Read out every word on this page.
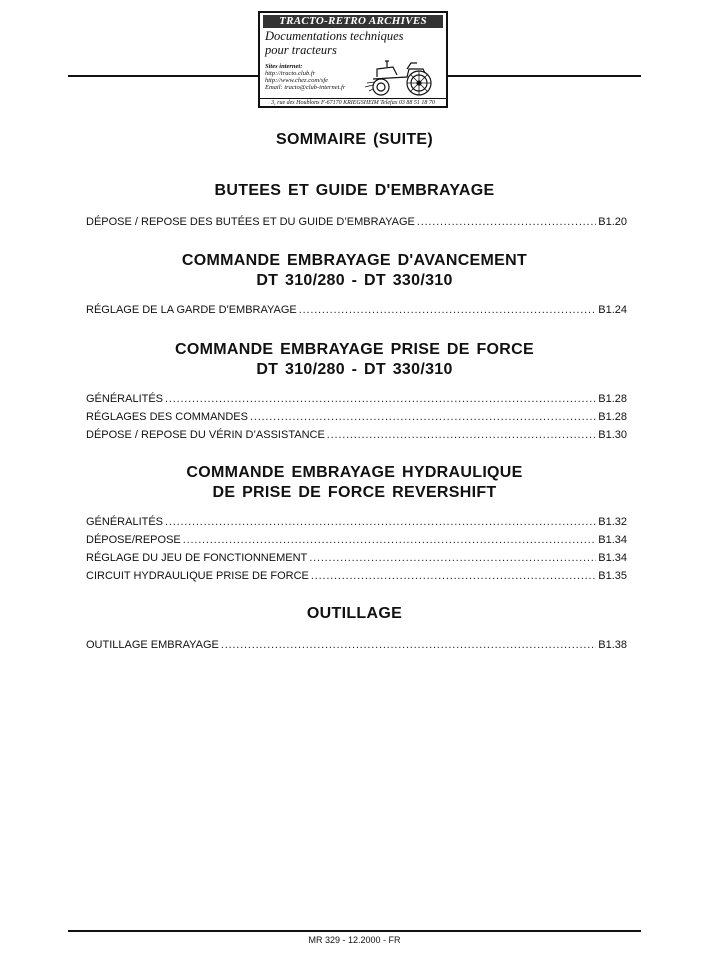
TRACTO-RETRO ARCHIVES
Documentations techniques
pour tracteurs
Sites internet:
http://tracto.club.fr
http://www.chez.com/sfe
Email: tracto@club-internet.fr
3, rue des Houblons F-67170 KRIEGSHEIM Telefax 03 88 51 18 70
SOMMAIRE (SUITE)
BUTEES ET GUIDE D'EMBRAYAGE
DÉPOSE / REPOSE DES BUTÉES ET DU GUIDE D’EMBRAYAGE .....	B1.20
COMMANDE EMBRAYAGE D'AVANCEMENT
DT 310/280 - DT 330/310
RÉGLAGE DE LA GARDE D'EMBRAYAGE .....	B1.24
COMMANDE EMBRAYAGE PRISE DE FORCE
DT 310/280 - DT 330/310
GÉNÉRALITÉS .....	B1.28
RÉGLAGES DES COMMANDES .....	B1.28
DÉPOSE / REPOSE DU VÉRIN D’ASSISTANCE .....	B1.30
COMMANDE EMBRAYAGE HYDRAULIQUE
DE PRISE DE FORCE REVERSHIFT
GÉNÉRALITÉS .....	B1.32
DÉPOSE/REPOSE .....	B1.34
RÉGLAGE DU JEU DE FONCTIONNEMENT .....	B1.34
CIRCUIT HYDRAULIQUE PRISE DE FORCE .....	B1.35
OUTILLAGE
OUTILLAGE EMBRAYAGE .....	B1.38
MR 329 - 12.2000 - FR
